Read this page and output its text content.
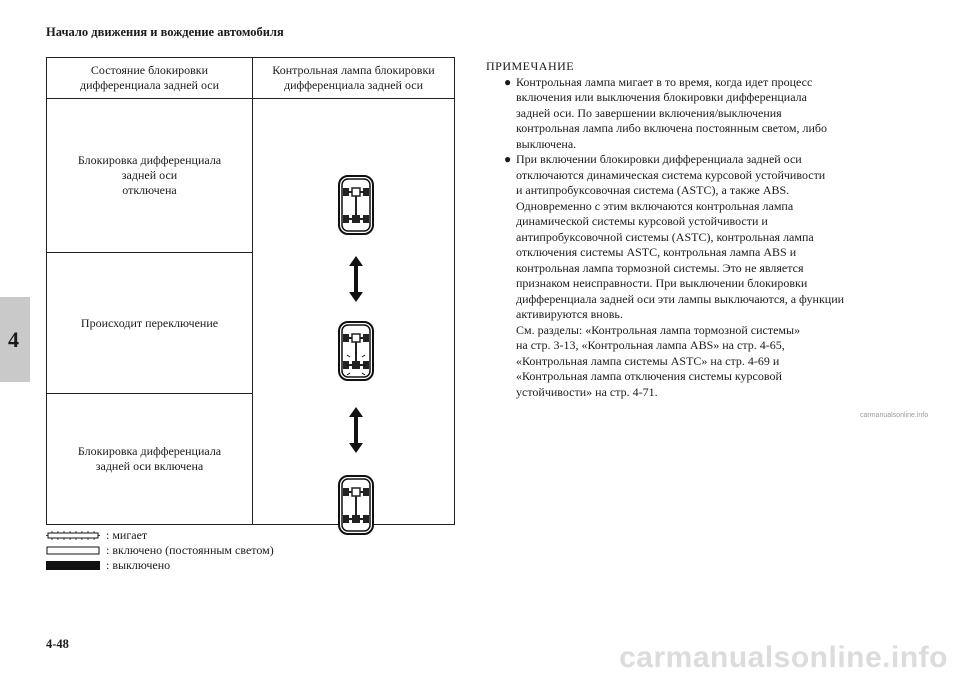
Начало движения и вождение автомобиля
4
Состояние блокировки дифференциала задней оси	Контрольная лампа блокировки дифференциала задней оси

Блокировка дифференциала
задней оси
отключена

Происходит переключение	

Блокировка дифференциала
задней оси включена	
: мигает
: включено (постоянным светом)
: выключено
ПРИМЕЧАНИЕ
● Контрольная лампа мигает в то время, когда идет процесс

включения или выключения блокировки дифференциала

задней оси. По завершении включения/выключения

контрольная лампа либо включена постоянным светом, либо

выключена.

● При включении блокировки дифференциала задней оси

отключаются динамическая система курсовой устойчивости

и антипробуксовочная система (ASTC), а также ABS.

Одновременно с этим включаются контрольная лампа

динамической системы курсовой устойчивости и

антипробуксовочной системы (ASTC), контрольная лампа

отключения системы ASTC, контрольная лампа ABS и

контрольная лампа тормозной системы. Это не является

признаком неисправности. При выключении блокировки

дифференциала задней оси эти лампы выключаются, а функции

активируются вновь.

См. разделы: «Контрольная лампа тормозной системы»

на стр. 3-13, «Контрольная лампа ABS» на стр. 4-65,

«Контрольная лампа системы ASTC» на стр. 4-69 и

«Контрольная лампа отключения системы курсовой

устойчивости» на стр. 4-71.

carmanualsonline.info
4-48	carmanualsonline.info
